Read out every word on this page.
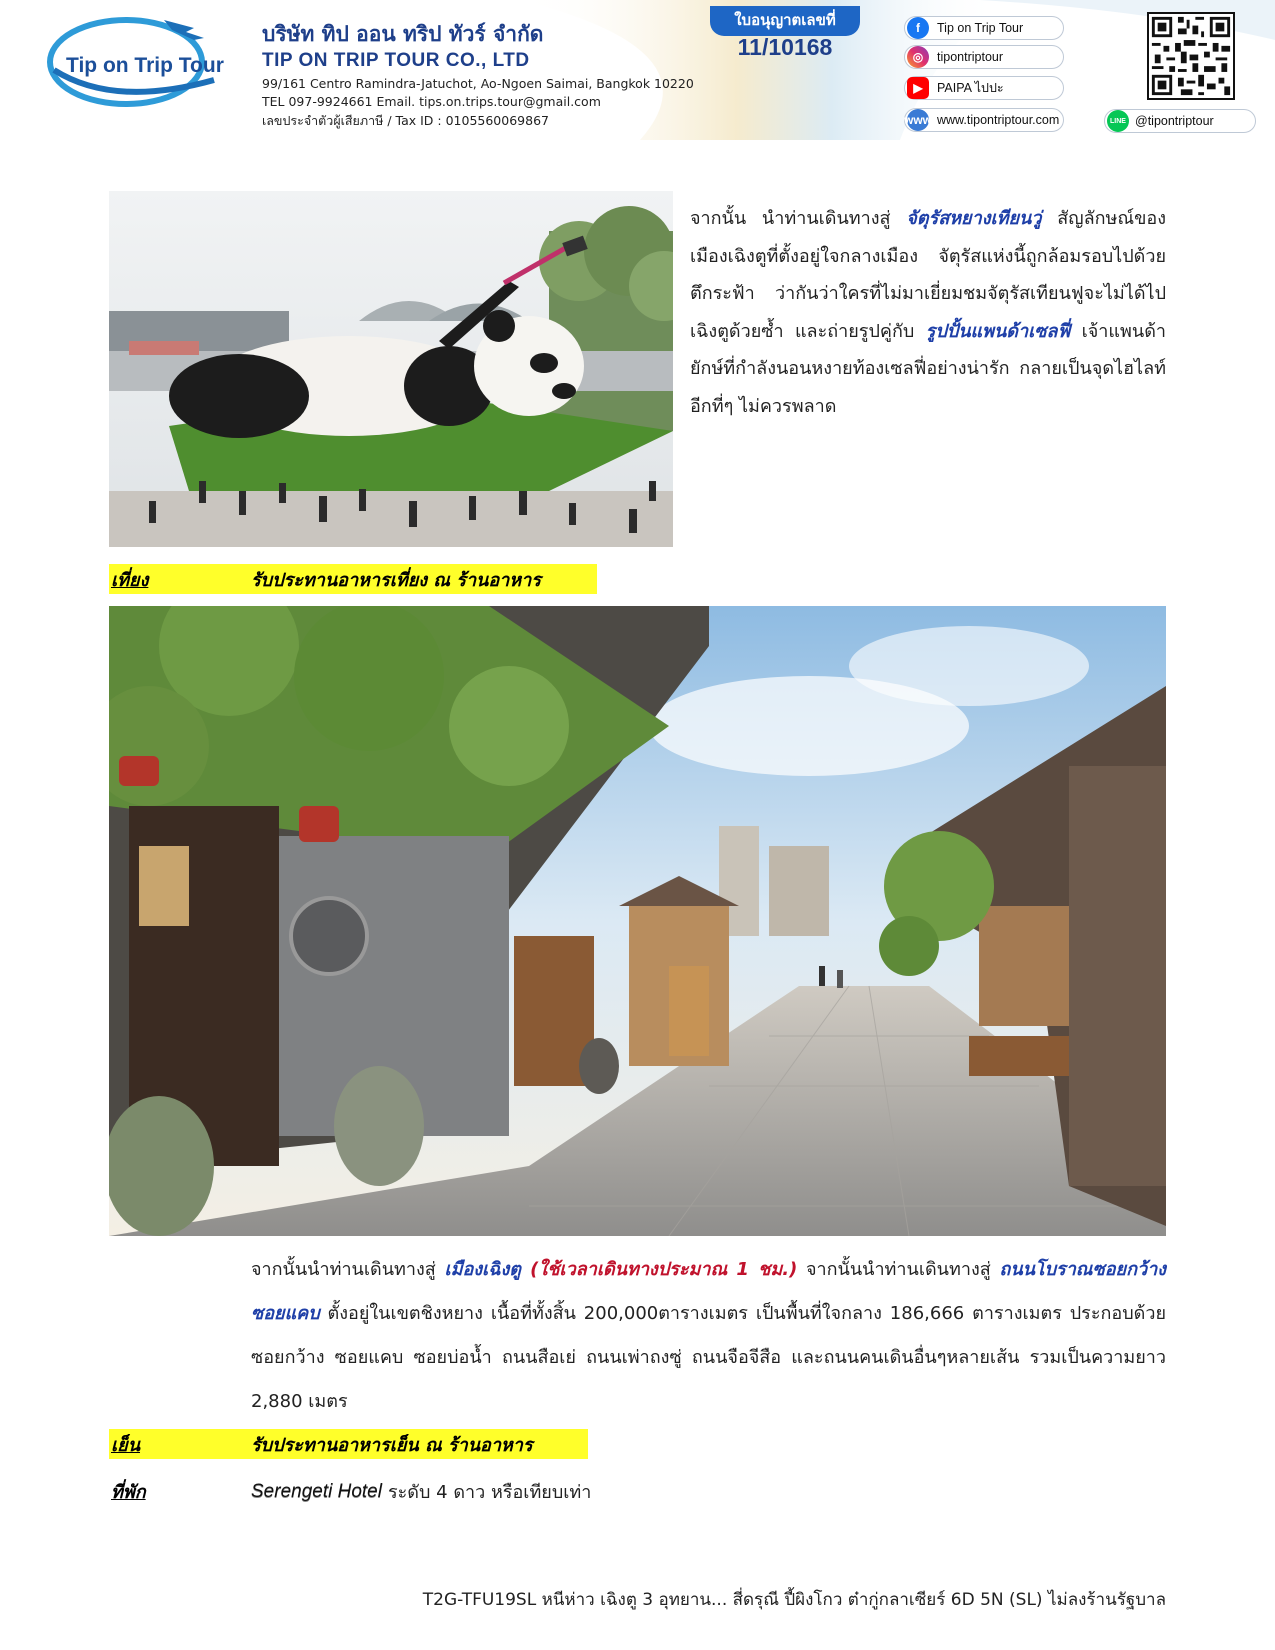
Tip on Trip Tour
บริษัท ทิป ออน ทริป ทัวร์ จำกัด
TIP ON TRIP TOUR CO., LTD
99/161 Centro Ramindra-Jatuchot, Ao-Ngoen Saimai, Bangkok 10220
TEL 097-9924661 Email. tips.on.trips.tour@gmail.com
เลขประจำตัวผู้เสียภาษี / Tax ID : 0105560069867
ใบอนุญาตเลขที่
11/10168
f	Tip on Trip Tour
◎	tipontriptour
▶	PAIPA ไปปะ
www www.tipontriptour.com	LINE @tipontriptour
จากนั้น นำท่านเดินทางสู่ จัตุรัสหยางเทียนวู่ สัญลักษณ์ของเมืองเฉิงตูที่ตั้งอยู่ใจกลางเมือง จัตุรัสแห่งนี้ถูกล้อมรอบไปด้วยตึกระฟ้า ว่ากันว่าใครที่ไม่มาเยี่ยมชมจัตุรัสเทียนฟูจะไม่ได้ไปเฉิงตูด้วยซ้ำ และถ่ายรูปคู่กับ รูปปั้นแพนด้าเซลฟี่ เจ้าแพนด้ายักษ์ที่กำลังนอนหงายท้องเซลฟี่อย่างน่ารัก กลายเป็นจุดไฮไลท์อีกที่ๆ ไม่ควรพลาด
เที่ยง	รับประทานอาหารเที่ยง ณ ร้านอาหาร
จากนั้นนำท่านเดินทางสู่ เมืองเฉิงตู (ใช้เวลาเดินทางประมาณ 1 ชม.) จากนั้นนำท่านเดินทางสู่ ถนนโบราณซอยกว้างซอยแคบ ตั้งอยู่ในเขตชิงหยาง เนื้อที่ทั้งสิ้น 200,000ตารางเมตร เป็นพื้นที่ใจกลาง 186,666 ตารางเมตร ประกอบด้วยซอยกว้าง ซอยแคบ ซอยบ่อน้ำ ถนนสือเย่ ถนนเพ่าถงซู่ ถนนจือจีสือ และถนนคนเดินอื่นๆหลายเส้น รวมเป็นความยาว 2,880 เมตร
เย็น	รับประทานอาหารเย็น ณ ร้านอาหาร
ที่พัก	Serengeti Hotel ระดับ 4 ดาว หรือเทียบเท่า
T2G-TFU19SL หนีห่าว เฉิงตู 3 อุทยาน... สี่ดรุณี ปี้ผิงโกว ต๋ากู่กลาเซียร์ 6D 5N (SL) ไม่ลงร้านรัฐบาล
